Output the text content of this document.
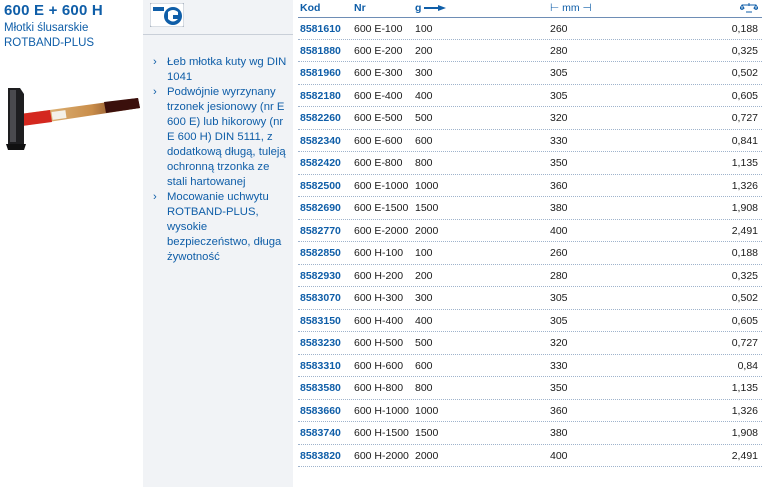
600 E + 600 H
Młotki ślusarskie
ROTBAND-PLUS
› Łeb młotka kuty wg DIN 1041
› Podwójnie wyrzynany trzonek jesionowy (nr E 600 E) lub hikorowy (nr E 600 H) DIN 5111, z dodatkową długą, tuleją ochronną trzonka ze stali hartowanej
› Mocowanie uchwytu ROTBAND-PLUS, wysokie bezpieczeństwo, długa żywotność
Kod	Nr	g	⊢ mm ⊣
8581610 600 E-100 100	260	0,188
8581880 600 E-200 200	280	0,325
8581960 600 E-300 300	305	0,502
8582180 600 E-400 400	305	0,605
8582260 600 E-500 500	320	0,727
8582340 600 E-600 600	330	0,841
8582420 600 E-800 800	350	1,135
8582500 600 E-1000 1000	360	1,326
8582690 600 E-1500 1500	380	1,908
8582770 600 E-2000 2000	400	2,491
8582850 600 H-100 100	260	0,188
8582930 600 H-200 200	280	0,325
8583070 600 H-300 300	305	0,502
8583150 600 H-400 400	305	0,605
8583230 600 H-500 500	320	0,727
8583310 600 H-600 600	330	0,84
8583580 600 H-800 800	350	1,135
8583660 600 H-1000 1000	360	1,326
8583740 600 H-1500 1500	380	1,908
8583820 600 H-2000 2000	400	2,491
